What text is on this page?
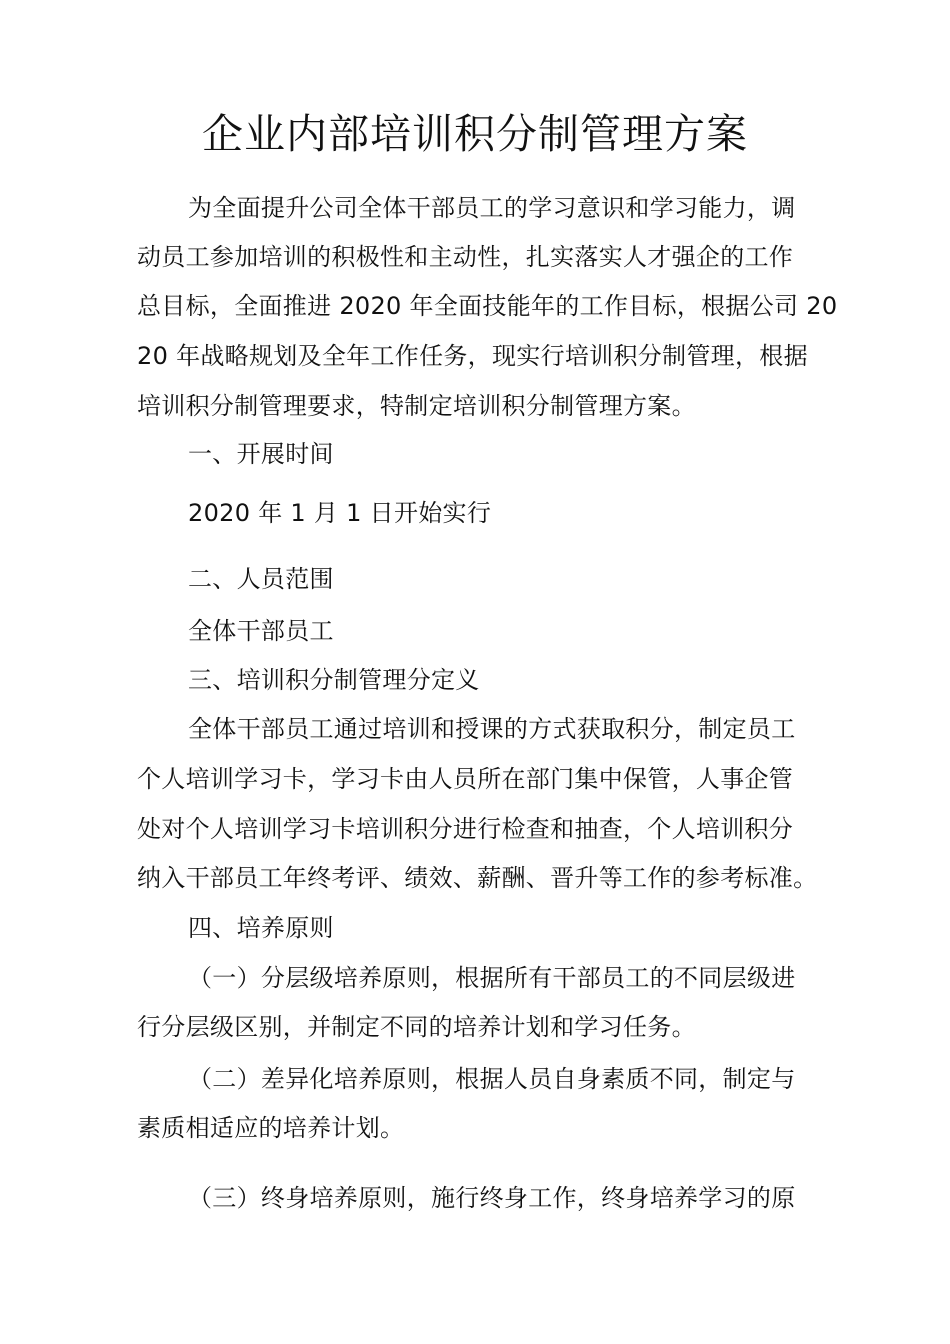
企业内部培训积分制管理方案
为全面提升公司全体干部员工的学习意识和学习能力，调
动员工参加培训的积极性和主动性，扎实落实人才强企的工作
总目标，全面推进 2020 年全面技能年的工作目标，根据公司 20
20 年战略规划及全年工作任务，现实行培训积分制管理，根据
培训积分制管理要求，特制定培训积分制管理方案。
一、开展时间
2020 年 1 月 1 日开始实行
二、人员范围
全体干部员工
三、培训积分制管理分定义
全体干部员工通过培训和授课的方式获取积分，制定员工
个人培训学习卡，学习卡由人员所在部门集中保管，人事企管
处对个人培训学习卡培训积分进行检查和抽查，个人培训积分
纳入干部员工年终考评、绩效、薪酬、晋升等工作的参考标准。
四、培养原则
（一）分层级培养原则，根据所有干部员工的不同层级进
行分层级区别，并制定不同的培养计划和学习任务。
（二）差异化培养原则，根据人员自身素质不同，制定与
素质相适应的培养计划。
（三）终身培养原则，施行终身工作，终身培养学习的原
